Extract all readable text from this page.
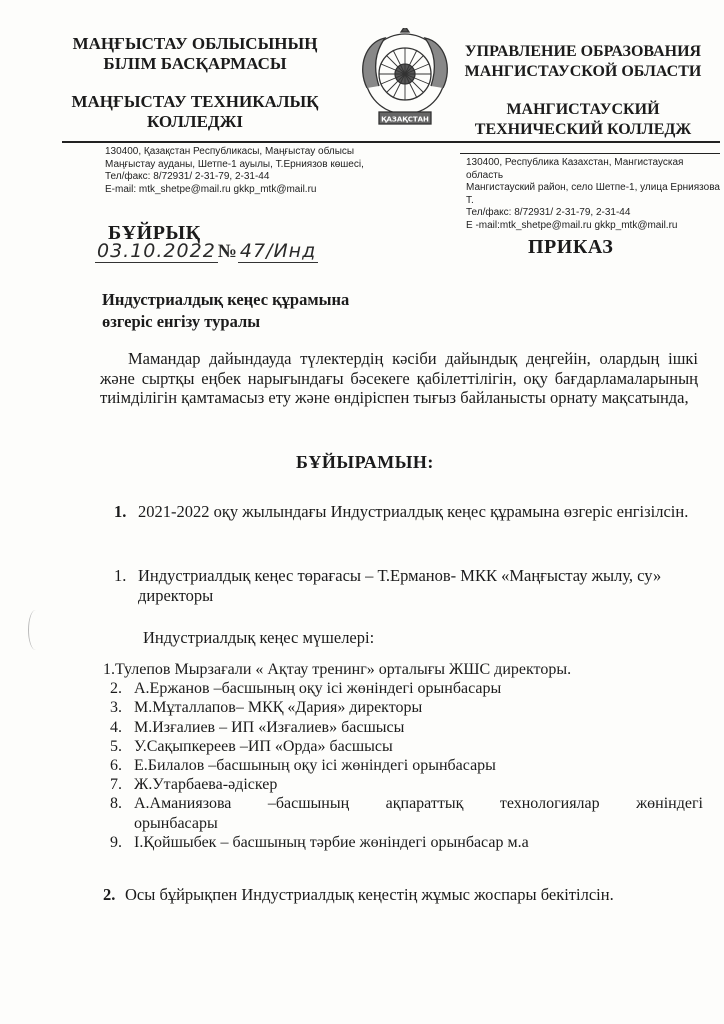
МАҢҒЫСТАУ ОБЛЫСЫНЫҢ
БІЛІМ БАСҚАРМАСЫ
МАҢҒЫСТАУ ТЕХНИКАЛЫҚ
КОЛЛЕДЖІ	ҚАЗАҚСТАН
УПРАВЛЕНИЕ ОБРАЗОВАНИЯ
МАНГИСТАУСКОЙ ОБЛАСТИ
МАНГИСТАУСКИЙ
ТЕХНИЧЕСКИЙ КОЛЛЕДЖ
130400, Қазақстан Республикасы, Маңғыстау облысы
Маңғыстау ауданы, Шетпе-1 ауылы, Т.Ерниязов көшесі,
Тел/факс: 8/72931/ 2-31-79, 2-31-44
E-mail: mtk_shetpe@mail.ru gkkp_mtk@mail.ru
130400, Республика Казахстан, Мангистауская область
Мангистауский район, село Шетпе-1, улица Ерниязова Т.
Тел/факс: 8/72931/ 2-31-79, 2-31-44
E -mail:mtk_shetpe@mail.ru gkkp_mtk@mail.ru
БҰЙРЫҚ
ПРИКАЗ
03.10.2022 № 47/Инд
Индустриалдық кеңес құрамына
өзгеріс енгізу туралы
Мамандар дайындауда түлектердің кәсіби дайындық деңгейін, олардың ішкі және сыртқы еңбек нарығындағы бәсекеге қабілеттілігін, оқу бағдарламаларының тиімділігін қамтамасыз ету және өндіріспен тығыз байланысты орнату мақсатында,
БҰЙЫРАМЫН:
1. 2021-2022 оқу жылындағы Индустриалдық кеңес құрамына өзгеріс енгізілсін.
1. Индустриалдық кеңес төрағасы – Т.Ерманов- МКК «Маңғыстау жылу, су» директоры
Индустриалдық кеңес мүшелері:
1. Тулепов Мырзағали « Ақтау тренинг» орталығы ЖШС директоры.
2. А.Ержанов –басшының оқу ісі жөніндегі орынбасары
3. М.Мұталлапов– МКҚ «Дария» директоры
4. М.Изғалиев – ИП «Изғалиев» басшысы
5. У.Сақыпкереев –ИП «Орда» басшысы
6. Е.Билалов –басшының оқу ісі жөніндегі орынбасары
7. Ж.Утарбаева-әдіскер
8. А.Аманиязова –басшының ақпараттық технологиялар жөніндегі
орынбасары
9. І.Қойшыбек – басшының тәрбие жөніндегі орынбасар м.а
2. Осы бұйрықпен Индустриалдық кеңестің жұмыс жоспары бекітілсін.
